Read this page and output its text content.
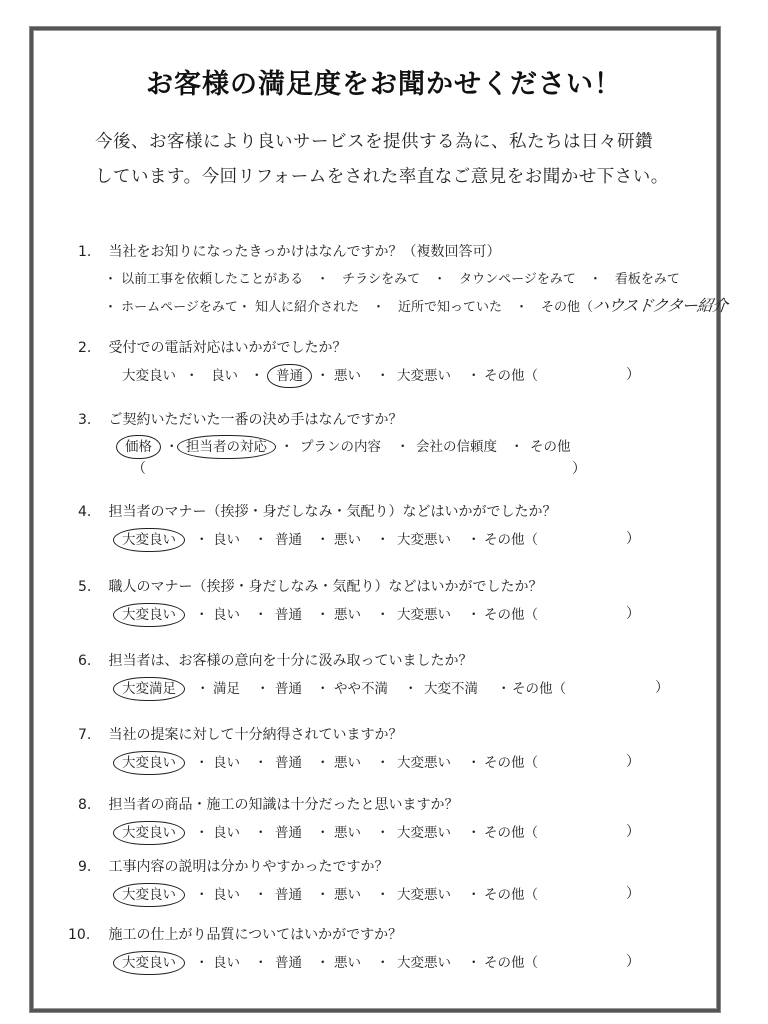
お客様の満足度をお聞かせください！
今後、お客様により良いサービスを提供する為に、私たちは日々研鑽
しています。今回リフォームをされた率直なご意見をお聞かせ下さい。
1. 当社をお知りになったきっかけはなんですか？（複数回答可）
・ 以前工事を依頼したことがある　・　チラシをみて　・　タウンページをみて　・　看板をみて
・ ホームページをみて・ 知人に紹介された　・　近所で知っていた　・　その他（ハウスドクター紹介
2. 受付での電話対応はいかがでしたか？
大変良い ・ 良い ・ 普通 ・ 悪い ・ 大変悪い ・ その他（	）
3. ご契約いただいた一番の決め手はなんですか？
価格 ・ 担当者の対応 ・ プランの内容 ・ 会社の信頼度 ・ その他
（	）
4. 担当者のマナー（挨拶・身だしなみ・気配り）などはいかがでしたか？
大変良い	・ 良い ・ 普通 ・ 悪い ・ 大変悪い ・ その他（	）
5. 職人のマナー（挨拶・身だしなみ・気配り）などはいかがでしたか？
大変良い	・ 良い ・ 普通 ・ 悪い ・ 大変悪い ・ その他（	）
6. 担当者は、お客様の意向を十分に汲み取っていましたか？
大変満足	・ 満足 ・ 普通 ・ やや不満 ・ 大変不満 ・ その他（	）
7. 当社の提案に対して十分納得されていますか？
大変良い	・ 良い ・ 普通 ・ 悪い ・ 大変悪い ・ その他（	）
8. 担当者の商品・施工の知識は十分だったと思いますか？
大変良い	・ 良い ・ 普通 ・ 悪い ・ 大変悪い ・ その他（	）
9. 工事内容の説明は分かりやすかったですか？
大変良い	・ 良い ・ 普通 ・ 悪い ・ 大変悪い ・ その他（	）
10. 施工の仕上がり品質についてはいかがですか？
大変良い	・ 良い ・ 普通 ・ 悪い ・ 大変悪い ・ その他（	）
